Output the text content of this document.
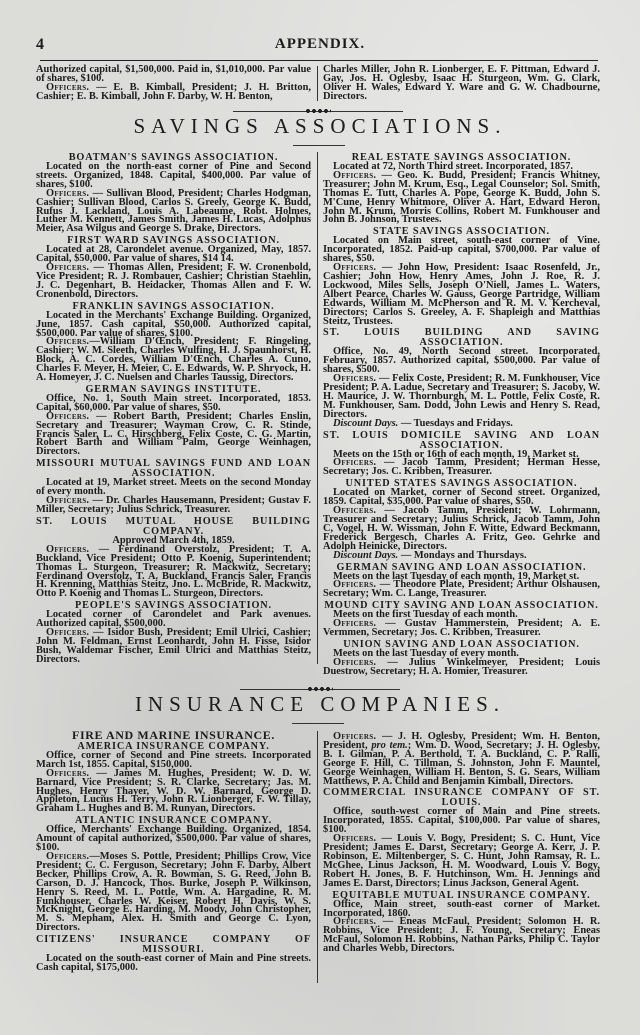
4	APPENDIX.

Authorized capital, $1,500,000. Paid in, $1,010,000. Par value of shares, $100.

Officers. — E. B. Kimball, President; J. H. Britton, Cashier; E. B. Kimball, John F. Darby, W. H. Benton,

Charles Miller, John R. Lionberger, E. F. Pittman, Edward J. Gay, Jos. H. Oglesby, Isaac H. Sturgeon, Wm. G. Clark, Oliver H. Wales, Edward Y. Ware and G. W. Chadbourne, Directors.

SAVINGS ASSOCIATIONS.
BOATMAN'S SAVINGS ASSOCIATION.

Located on the north-east corner of Pine and Second streets. Organized, 1848. Capital, $400,000. Par value of shares, $100.

Officers. — Sullivan Blood, President; Charles Hodgman, Cashier; Sullivan Blood, Carlos S. Greely, George K. Budd, Rufus J. Lackland, Louis A. Labeaume, Robt. Holmes, Luther M. Kennett, James Smith, James H. Lucas, Adolphus Meier, Asa Wilgus and George S. Drake, Directors.

FIRST WARD SAVINGS ASSOCIATION.

Located at 28, Carondelet avenue. Organized, May, 1857. Capital, $50,000. Par value of shares, $14 14.

Officers. — Thomas Allen, President; F. W. Cronenbold, Vice President; R. J. Rombauer, Cashier; Christian Staehlin, J. C. Degenhart, B. Heidacker, Thomas Allen and F. W. Cronenbold, Directors.

FRANKLIN SAVINGS ASSOCIATION.

Located in the Merchants' Exchange Building. Organized, June, 1857. Cash capital, $50,000. Authorized capital, $500,000. Par value of shares, $100.

Officers.—William D'Œnch, President; F. Ringeling, Cashier; W. M. Sleeth, Charles Wulfing, H. J. Spaunhorst, H. Block, A. C. Cordes, William D'Œnch, Charles A. Cuno, Charles F. Meyer, H. Meier, C. E. Edwards, W. P. Shryock, H. A. Homeyer, J. C. Nuelsen and Charles Taussig, Directors.

GERMAN SAVINGS INSTITUTE.

Office, No. 1, South Main street. Incorporated, 1853. Capital, $60,000. Par value of shares, $50.

Officers. — Robert Barth, President; Charles Enslin, Secretary and Treasurer; Wayman Crow, C. R. Stinde, Francis Saler, L. C. Hirschberg, Felix Coste, C. G. Martin, Robert Barth and William Palm, George Weinhagen, Directors.

MISSOURI MUTUAL SAVINGS FUND AND LOAN ASSOCIATION.

Located at 19, Market street. Meets on the second Monday of every month.

Officers. — Dr. Charles Hausemann, President; Gustav F. Miller, Secretary; Julius Schrick, Treasurer.

ST. LOUIS MUTUAL HOUSE BUILDING COMPANY.
Approved March 4th, 1859.

Officers. — Ferdinand Overstolz, President; T. A. Buckland, Vice President; Otto P. Koenig, Superintendent; Thomas L. Sturgeon, Treasurer; R. Mackwitz, Secretary; Ferdinand Overstolz, T. A. Buckland, Francis Saler, Francis H. Krenning, Matthias Steitz, Jno. L. McBride, R. Mackwitz, Otto P. Koenig and Thomas L. Sturgeon, Directors.

PEOPLE'S SAVINGS ASSOCIATION.

Located corner of Carondelet and Park avenues. Authorized capital, $500,000.

Officers. — Isidor Bush, President; Emil Ulrici, Cashier; John M. Feldman, Ernst Leonhardt, John H. Fisse, Isidor Bush, Waldemar Fischer, Emil Ulrici and Matthias Steitz, Directors.

REAL ESTATE SAVINGS ASSOCIATION.

Located at 72, North Third street. Incorporated, 1857.

Officers. — Geo. K. Budd, President; Francis Whitney, Treasurer; John M. Krum, Esq., Legal Counselor; Sol. Smith, Thomas E. Tutt, Charles A. Pope, George K. Budd, John S. M'Cune, Henry Whitmore, Oliver A. Hart, Edward Heron, John M. Krum, Morris Collins, Robert M. Funkhouser and John B. Johnson, Trustees.

STATE SAVINGS ASSOCIATION.

Located on Main street, south-east corner of Vine. Incorporated, 1852. Paid-up capital, $700,000. Par value of shares, $50.

Officers. — John How, President: Isaac Rosenfeld, Jr., Cashier; John How, Henry Ames, John J. Roe, R. J. Lockwood, Miles Sells, Joseph O'Niell, James L. Waters, Albert Pearce, Charles W. Gauss, George Partridge, William Edwards, William M. McPherson and R. M. V. Kercheval, Directors; Carlos S. Greeley, A. F. Shapleigh and Matthias Steitz, Trustees.

ST. LOUIS BUILDING AND SAVING ASSOCIATION.

Office, No. 49, North Second street. Incorporated, February, 1857. Authorized capital, $500,000. Par value of shares, $500.

Officers. — Felix Coste, President; R. M. Funkhouser, Vice President; P. A. Ladue, Secretary and Treasurer; S. Jacoby, W. H. Maurice, J. W. Thornburgh, M. L. Pottle, Felix Coste, R. M. Funkhouser, Sam. Dodd, John Lewis and Henry S. Read, Directors.

Discount Days. — Tuesdays and Fridays.

ST. LOUIS DOMICILE SAVING AND LOAN ASSOCIATION.

Meets on the 15th or 16th of each month, 19, Market st.

Officers. — Jacob Tamm, President; Herman Hesse, Secretary; Jos. C. Kribben, Treasurer.

UNITED STATES SAVINGS ASSOCIATION.

Located on Market, corner of Second street. Organized, 1859. Capital, $35,000. Par value of shares, $50.

Officers. — Jacob Tamm, President; W. Lohrmann, Treasurer and Secretary; Julius Schrick, Jacob Tamm, John C, Vogel, H. W. Wissman, John F. Witte, Edward Beckmann, Frederick Bergesch, Charles A. Fritz, Geo. Gehrke and Adolph Heinicke, Directors.

Discount Days. — Mondays and Thursdays.

GERMAN SAVING AND LOAN ASSOCIATION.

Meets on the last Tuesday of each month, 19, Market st.

Officers. — Theodore Plate, President; Arthur Olshausen, Secretary; Wm. C. Lange, Treasurer.

MOUND CITY SAVING AND LOAN ASSOCIATION.

Meets on the first Tuesday of each month.

Officers. — Gustav Hammerstein, President; A. E. Vermmen, Secretary; Jos. C. Kribben, Treasurer.

UNION SAVING AND LOAN ASSOCIATION.

Meets on the last Tuesday of every month.

Officers. — Julius Winkelmeyer, President; Louis Duestrow, Secretary; H. A. Homier, Treasurer.

INSURANCE COMPANIES.
FIRE AND MARINE INSURANCE.
AMERICA INSURANCE COMPANY.

Office, corner of Second and Pine streets. Incorporated March 1st, 1855. Capital, $150,000.

Officers. — James M. Hughes, President; W. D. W. Barnard, Vice President; S. R. Clarke, Secretary; Jas. M. Hughes, Henry Thayer, W. D. W. Barnard, George D. Appleton, Lucius H. Terry, John R. Lionberger, F. W. Tillay, Graham L. Hughes and B. M. Runyan, Directors.

ATLANTIC INSURANCE COMPANY.

Office, Merchants' Exchange Building. Organized, 1854. Amount of capital authorized, $500,000. Par value of shares, $100.

Officers.—Moses S. Pottle, President; Phillips Crow, Vice President; C. C. Ferguson, Secretary; John F. Darby, Albert Becker, Phillips Crow, A. R. Bowman, S. G. Reed, John B. Carson, D. J. Hancock, Thos. Burke, Joseph P. Wilkinson, Henry S. Reed, M. L. Pottle, Wm. A. Hargadine, R. M. Funkhouser, Charles W. Keiser, Robert H. Davis, W. S. McKnight, George E. Harding, M. Moody, John Christopher, M. S. Mepham, Alex. H. Smith and George C. Lyon, Directors.

CITIZENS' INSURANCE COMPANY OF MISSOURI.

Located on the south-east corner of Main and Pine streets. Cash capital, $175,000.

Officers. — J. H. Oglesby, President; Wm. H. Benton, President, pro tem.; Wm. D. Wood, Secretary; J. H. Oglesby, B. I. Gilman, P. A. Berthold, T. A. Buckland, C. P. Ralli, George F. Hill, C. Tillman, S. Johnston, John F. Mauntel, George Weinhagen, William H. Benton, S. G. Sears, William Matthews, P. A. Child and Benjamin Kimball, Directors.

COMMERCIAL INSURANCE COMPANY OF ST. LOUIS.

Office, south-west corner of Main and Pine streets. Incorporated, 1855. Capital, $100,000. Par value of shares, $100.

Officers. — Louis V. Bogy, President; S. C. Hunt, Vice President; James E. Darst, Secretary; George A. Kerr, J. P. Robinson, E. Miltenberger, S. C. Hunt, John Ramsay, R. L. McGhee, Linus Jackson, H. M. Woodward, Louis V. Bogy, Robert H. Jones, B. F. Hutchinson, Wm. H. Jennings and James E. Darst, Directors; Linus Jackson, General Agent.

EQUITABLE MUTUAL INSURANCE COMPANY.

Office, Main street, south-east corner of Market. Incorporated, 1860.

Officers. — Eneas McFaul, President; Solomon H. R. Robbins, Vice President; J. F. Young, Secretary; Eneas McFaul, Solomon H. Robbins, Nathan Parks, Philip C. Taylor and Charles Webb, Directors.
